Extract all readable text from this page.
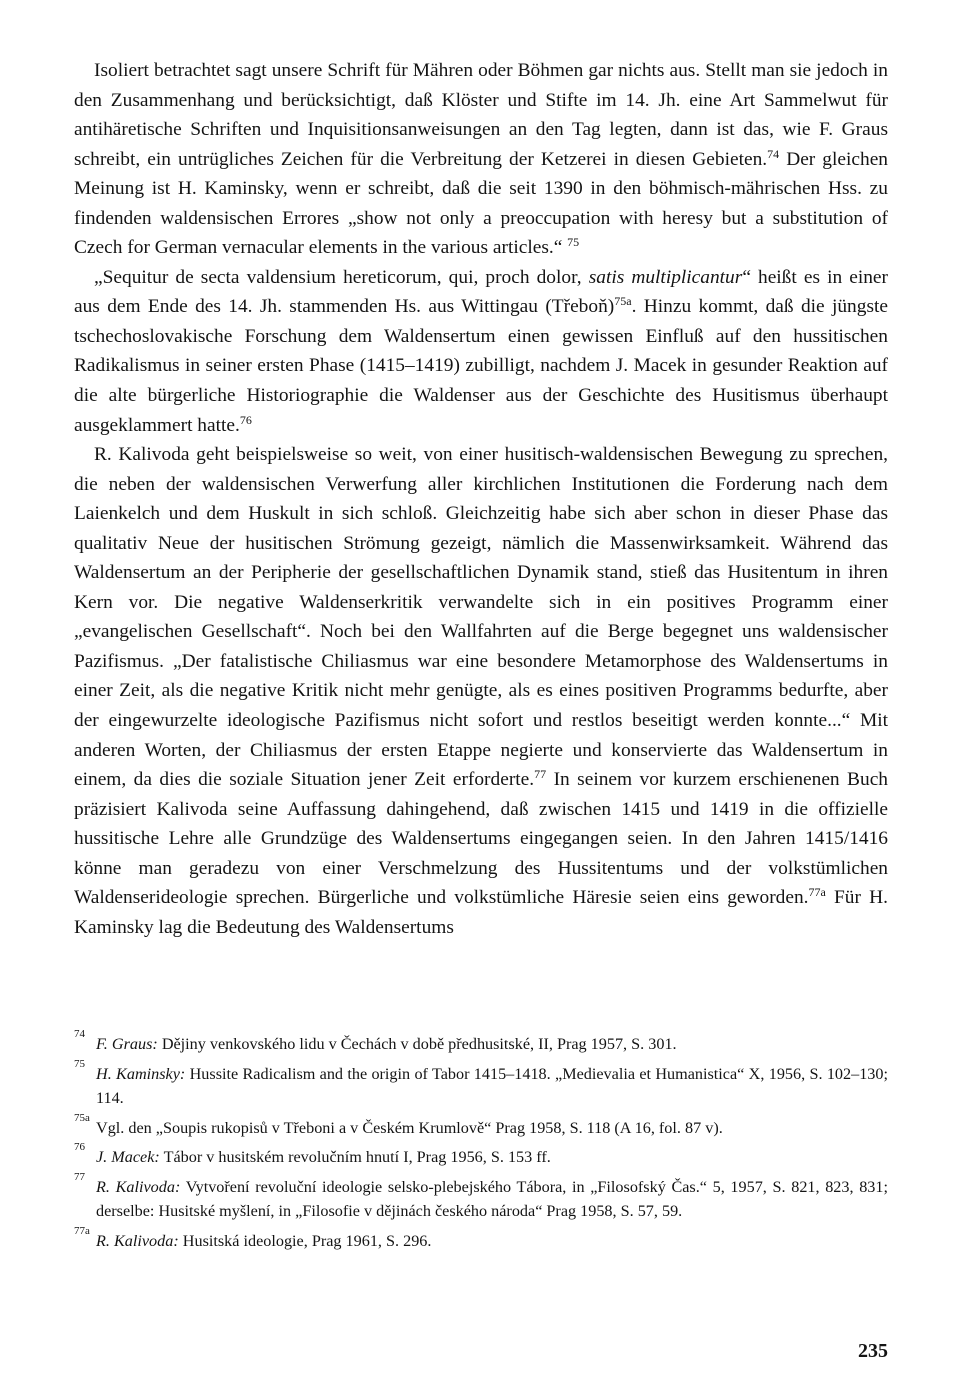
Isoliert betrachtet sagt unsere Schrift für Mähren oder Böhmen gar nichts aus. Stellt man sie jedoch in den Zusammenhang und berücksichtigt, daß Klöster und Stifte im 14. Jh. eine Art Sammelwut für antihäretische Schriften und Inquisitionsanweisungen an den Tag legten, dann ist das, wie F. Graus schreibt, ein untrügliches Zeichen für die Verbreitung der Ketzerei in diesen Gebieten.$^{74}$ Der gleichen Meinung ist H. Kaminsky, wenn er schreibt, daß die seit 1390 in den böhmisch-mährischen Hss. zu findenden waldensischen Errores „show not only a preoccupation with heresy but a substitution of Czech for German vernacular elements in the various articles.“ $^{75}$

„Sequitur de secta valdensium hereticorum, qui, proch dolor, satis multiplicantur“ heißt es in einer aus dem Ende des 14. Jh. stammenden Hs. aus Wittingau (Třeboň)$^{75a}$. Hinzu kommt, daß die jüngste tschechoslovakische Forschung dem Waldensertum einen gewissen Einfluß auf den hussitischen Radikalismus in seiner ersten Phase (1415–1419) zubilligt, nachdem J. Macek in gesunder Reaktion auf die alte bürgerliche Historiographie die Waldenser aus der Geschichte des Husitismus überhaupt ausgeklammert hatte.$^{76}$

R. Kalivoda geht beispielsweise so weit, von einer husitisch-waldensischen Bewegung zu sprechen, die neben der waldensischen Verwerfung aller kirchlichen Institutionen die Forderung nach dem Laienkelch und dem Huskult in sich schloß. Gleichzeitig habe sich aber schon in dieser Phase das qualitativ Neue der husitischen Strömung gezeigt, nämlich die Massenwirksamkeit. Während das Waldensertum an der Peripherie der gesellschaftlichen Dynamik stand, stieß das Husitentum in ihren Kern vor. Die negative Waldenserkritik verwandelte sich in ein positives Programm einer „evangelischen Gesellschaft“. Noch bei den Wallfahrten auf die Berge begegnet uns waldensischer Pazifismus. „Der fatalistische Chiliasmus war eine besondere Metamorphose des Waldensertums in einer Zeit, als die negative Kritik nicht mehr genügte, als es eines positiven Programms bedurfte, aber der eingewurzelte ideologische Pazifismus nicht sofort und restlos beseitigt werden konnte...“ Mit anderen Worten, der Chiliasmus der ersten Etappe negierte und konservierte das Waldensertum in einem, da dies die soziale Situation jener Zeit erforderte.$^{77}$ In seinem vor kurzem erschienenen Buch präzisiert Kalivoda seine Auffassung dahingehend, daß zwischen 1415 und 1419 in die offizielle hussitische Lehre alle Grundzüge des Waldensertums eingegangen seien. In den Jahren 1415/1416 könne man geradezu von einer Verschmelzung des Hussitentums und der volkstümlichen Waldenserideologie sprechen. Bürgerliche und volkstümliche Häresie seien eins geworden.$^{77a}$ Für H. Kaminsky lag die Bedeutung des Waldensertums

74
F. Graus: Dějiny venkovského lidu v Čechách v době předhusitské, II, Prag 1957, S. 301.
75
H. Kaminsky: Hussite Radicalism and the origin of Tabor 1415–1418. „Medievalia et Humanistica“ X, 1956, S. 102–130; 114.
75a
Vgl. den „Soupis rukopisů v Třeboni a v Českém Krumlově“ Prag 1958, S. 118 (A 16, fol. 87 v).
76
J. Macek: Tábor v husitském revolučním hnutí I, Prag 1956, S. 153 ff.
77
R. Kalivoda: Vytvoření revoluční ideologie selsko-plebejského Tábora, in „Filosofský Čas.“ 5, 1957, S. 821, 823, 831; derselbe: Husitské myšlení, in „Filosofie v dějinách českého národa“ Prag 1958, S. 57, 59.
77a
R. Kalivoda: Husitská ideologie, Prag 1961, S. 296.
235
